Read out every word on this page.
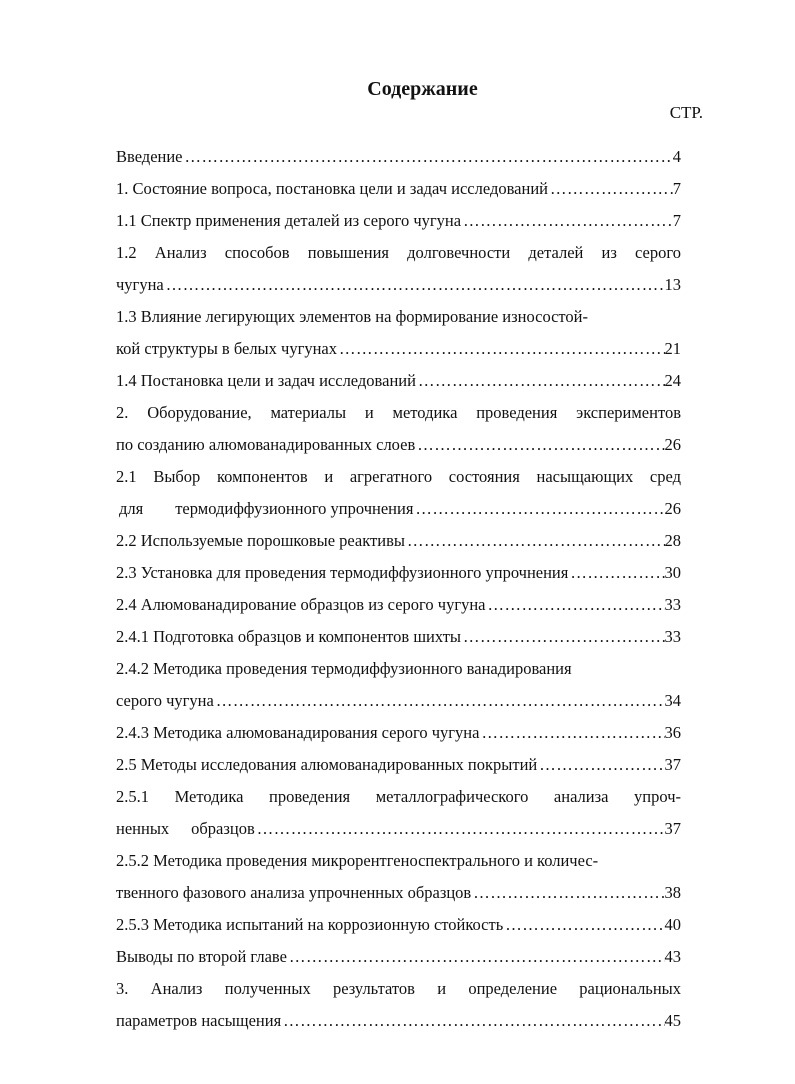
Содержание
СТР.
Введение ……………………………………………………………………………………………………………………………………………	4
1. Состояние вопроса, постановка цели и задач исследований ……………………………………………………………………………………………………………………………………………	7
1.1 Спектр применения деталей из серого чугуна ……………………………………………………………………………………………………………………………………………	7
1.2 Анализ способов повышения долговечности деталей из серого
чугуна ……………………………………………………………………………………………………………………………………………	13
1.3 Влияние легирующих элементов на формирование износостой-
кой структуры в белых чугунах ……………………………………………………………………………………………………………………………………………	21
1.4 Постановка цели и задач исследований ……………………………………………………………………………………………………………………………………………	24
2. Оборудование, материалы и методика проведения экспериментов
по созданию алюмованадированных слоев ……………………………………………………………………………………………………………………………………………	26
2.1 Выбор компонентов и агрегатного состояния насыщающих сред
для	термодиффузионного упрочнения ……………………………………………………………………………………………………………………………………………	26
2.2 Используемые порошковые реактивы ……………………………………………………………………………………………………………………………………………	28
2.3 Установка для проведения термодиффузионного упрочнения ……………………………………………………………………………………………………………………………………………	30
2.4 Алюмованадирование образцов из серого чугуна ……………………………………………………………………………………………………………………………………………	33
2.4.1 Подготовка образцов и компонентов шихты ……………………………………………………………………………………………………………………………………………	33
2.4.2 Методика проведения термодиффузионного ванадирования
серого чугуна ……………………………………………………………………………………………………………………………………………	34
2.4.3 Методика алюмованадирования серого чугуна ……………………………………………………………………………………………………………………………………………	36
2.5 Методы исследования алюмованадированных покрытий ……………………………………………………………………………………………………………………………………………	37
2.5.1 Методика проведения металлографического анализа упроч-
ненных	образцов ……………………………………………………………………………………………………………………………………………	37
2.5.2 Методика проведения микрорентгеноспектрального и количес-
твенного фазового анализа упрочненных образцов ……………………………………………………………………………………………………………………………………………	38
2.5.3 Методика испытаний на коррозионную стойкость ……………………………………………………………………………………………………………………………………………	40
Выводы по второй главе ……………………………………………………………………………………………………………………………………………	43
3. Анализ полученных результатов и определение рациональных
параметров насыщения ……………………………………………………………………………………………………………………………………………	45
